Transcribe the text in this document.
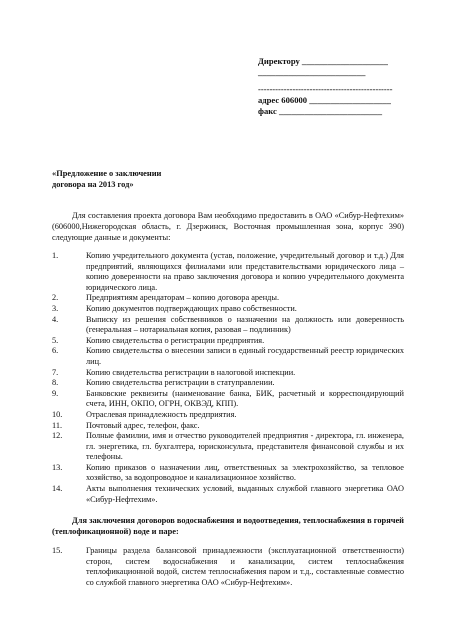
Директору ____________________
_________________________
-----------------------------------------------
адрес 606000 ___________________
факс ________________________
«Предложение о заключении
договора на 2013 год»
Для составления проекта договора Вам необходимо предоставить в ОАО «Сибур-Нефтехим» (606000,Нижегородская область, г. Дзержинск, Восточная промышленная зона, корпус 390) следующие данные и документы:
1.	Копию учредительного документа (устав, положение, учредительный договор и т.д.) Для предприятий, являющихся филиалами или представительствами юридического лица – копию доверенности на право заключения договора и копию учредительного документа юридического лица.
2.	Предприятиям арендаторам – копию договора аренды.
3.	Копию документов подтверждающих право собственности.
4.	Выписку из решения собственников о назначении на должность или доверенность (генеральная – нотариальная копия, разовая – подлинник)
5.	Копию свидетельства о регистрации предприятия.
6.	Копию свидетельства о внесении записи в единый государственный реестр юридических лиц.
7.	Копию свидетельства регистрации в налоговой инспекции.
8.	Копию свидетельства регистрации в статуправлении.
9.	Банковские реквизиты (наименование банка, БИК, расчетный и корреспондирующий счета, ИНН, ОКПО, ОГРН, ОКВЭД, КПП).
10.	Отраслевая принадлежность предприятия.
11.	Почтовый адрес, телефон, факс.
12.	Полные фамилии, имя и отчество руководителей предприятия - директора, гл. инженера, гл. энергетика, гл. бухгалтера, юрисконсульта, представителя финансовой службы и их телефоны.
13.	Копию приказов о назначении лиц, ответственных за электрохозяйство, за тепловое хозяйство, за водопроводное и канализационное хозяйство.
14.	Акты выполнения технических условий, выданных службой главного энергетика ОАО «Сибур-Нефтехим».
Для заключения договоров водоснабжения и водоотведения, теплоснабжения в горячей (теплофикационной) воде и паре:
15.	Границы раздела балансовой принадлежности (эксплуатационной ответственности) сторон, систем водоснабжения и канализации, систем теплоснабжения теплофикационной водой, систем теплоснабжения паром и т.д., составленные совместно со службой главного энергетика ОАО «Сибур-Нефтехим».
